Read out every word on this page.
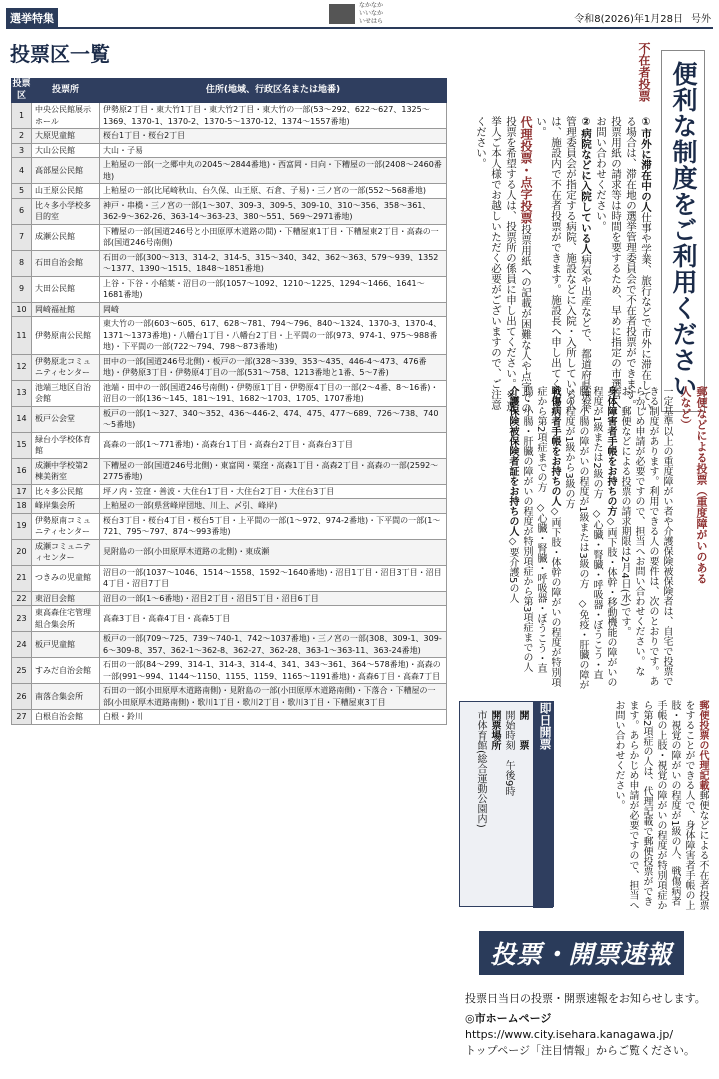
選挙特集
なかなか
いいなか
いせはら	令和8(2026)年1月28日 号外
投票区一覧
投票区	投票所	住所(地域、行政区名または地番)
1	中央公民館展示ホール	伊勢原2丁目・東大竹1丁目・東大竹2丁目・東大竹の一部(53～292、622～627、1325～1369、1370-1、1370-2、1370-5～1370-12、1374～1557番地)
2	大原児童館	桜台1丁目・桜台2丁目
3	大山公民館	大山・子易
4	高部屋公民館	上粕屋の一部(一之郷中丸の2045～2844番地)・西富岡・日向・下糟屋の一部(2408～2460番地)
5	山王原公民館	上粕屋の一部(比尾崎秋山、台久保、山王原、石倉、子易)・三ノ宮の一部(552～568番地)
6	比々多小学校多目的室	神戸・串橋・三ノ宮の一部(1～307、309-3、309-5、309-10、310～356、358～361、362-9～362-26、363-14～363-23、380～551、569～2971番地)
7	成瀬公民館	下糟屋の一部(国道246号と小田原厚木道路の間)・下糟屋東1丁目・下糟屋東2丁目・高森の一部(国道246号南側)
8	石田自治会館	石田の一部(300～313、314-2、314-5、315～340、342、362～363、579～939、1352～1377、1390～1515、1848～1851番地)
9	大田公民館	上谷・下谷・小稲葉・沼目の一部(1057～1092、1210～1225、1294～1466、1641～1681番地)
10	岡崎福祉館	岡崎
11	伊勢原南公民館	東大竹の一部(603～605、617、628～781、794～796、840～1324、1370-3、1370-4、1371～1373番地)・八幡台1丁目・八幡台2丁目・上平間の一部(973、974-1、975～988番地)・下平間の一部(722～794、798～873番地)
12	伊勢原北コミュニティセンター	田中の一部(国道246号北側)・板戸の一部(328～339、353～435、446-4～473、476番地)・伊勢原3丁目・伊勢原4丁目の一部(531～758、1213番地と1番、5～7番)
13	池端三地区自治会館	池端・田中の一部(国道246号南側)・伊勢原1丁目・伊勢原4丁目の一部(2～4番、8～16番)・沼目の一部(136～145、181～191、1682～1703、1705、1707番地)
14	板戸公会堂	板戸の一部(1～327、340～352、436～446-2、474、475、477～689、726～738、740～5番地)
15	緑台小学校体育館	高森の一部(1～771番地)・高森台1丁目・高森台2丁目・高森台3丁目
16	成瀬中学校第2棟美術室	下糟屋の一部(国道246号北側)・東富岡・粟窪・高森1丁目・高森2丁目・高森の一部(2592～2775番地)
17	比々多公民館	坪ノ内・笠窪・善波・大住台1丁目・大住台2丁目・大住台3丁目
18	峰岸集会所	上粕屋の一部(県営峰岸団地、川上、〆引、峰岸)
19	伊勢原南コミュニティセンター	桜台3丁目・桜台4丁目・桜台5丁目・上平間の一部(1～972、974-2番地)・下平間の一部(1～721、795～797、874～993番地)
20	成瀬コミュニティセンター	見附島の一部(小田原厚木道路の北側)・東成瀬
21	つきみの児童館	沼目の一部(1037～1046、1514～1558、1592～1640番地)・沼目1丁目・沼目3丁目・沼目4丁目・沼目7丁目
22	東沼目会館	沼目の一部(1～6番地)・沼目2丁目・沼目5丁目・沼目6丁目
23	東高森住宅管理組合集会所	高森3丁目・高森4丁目・高森5丁目
24	板戸児童館	板戸の一部(709～725、739～740-1、742～1037番地)・三ノ宮の一部(308、309-1、309-6～309-8、357、362-1～362-8、362-27、362-28、363-1～363-11、363-24番地)
25	すみだ自治会館	石田の一部(84～299、314-1、314-3、314-4、341、343～361、364～578番地)・高森の一部(991～994、1144～1150、1155、1159、1165～1191番地)・高森6丁目・高森7丁目
26	南落合集会所	石田の一部(小田原厚木道路南側)・見附島の一部(小田原厚木道路南側)・下落合・下糟屋の一部(小田原厚木道路南側)・歌川1丁目・歌川2丁目・歌川3丁目・下糟屋東3丁目
27	白根自治会館	白根・鈴川
便利な制度をご利用ください
不在者投票
①市外に滞在中の人仕事や学業、旅行などで市外に滞在している場合は、滞在地の選挙管理委員会で不在者投票ができます。投票用紙の請求等は時間を要するため、早めに指定の市選管へお問い合わせください。
②病院などに入院している人病気や出産などで、都道府県選挙管理委員会が指定する病院、施設などに入院・入所している人は、施設内で不在者投票ができます。施設長へ申し出てください。
代理投票・点字投票投票用紙への記載が困難な人や点字での投票を希望する人は、投票所の係員に申し出てください。※選挙人ご本人様でお越しいただく必要がございますので、ご注意ください。
郵便などによる投票（重度障がいのある人など）
一定基準以上の重度障がい者や介護保険被保険者は、自宅で投票できる制度があります。利用できる人の要件は、次のとおりです。あらかじめ申請が必要ですので、担当へお問い合わせください。なお、郵便などによる投票の請求期限は2月4日(水)です。
身体障害者手帳をお持ちの方◇両下肢・体幹・移動機能の障がいの程度が1級または2級の方　◇心臓・腎臓・呼吸器・ぼうこう・直腸・小腸の障がいの程度が1級または3級の方　◇免疫・肝臓の障がいの程度が1級から3級の方
戦傷病者手帳をお持ちの人◇両下肢・体幹の障がいの程度が特別項症から第2項症までの方　◇心臓・腎臓・呼吸器・ぼうこう・直腸・小腸・肝臓の障がいの程度が特別項症から第3項症までの人
介護保険被保険者証をお持ちの人◇要介護5の人
郵便投票の代理記載郵便などによる不在者投票をすることができる人で、身体障害者手帳の上肢・視覚の障がいの程度が1級の人、戦傷病者手帳の上肢・視覚の障がいの程度が特別項症から第2項症の人は、代理記載で郵便投票ができます。あらかじめ申請が必要ですので、担当へお問い合わせください。
即日開票
開　　票
開始時刻　午後9時
開票場所
市体育館(総合運動公園内)
投票・開票速報
投票日当日の投票・開票速報をお知らせします。
◎市ホームページ
https://www.city.isehara.kanagawa.jp/
トップページ「注目情報」からご覧ください。
